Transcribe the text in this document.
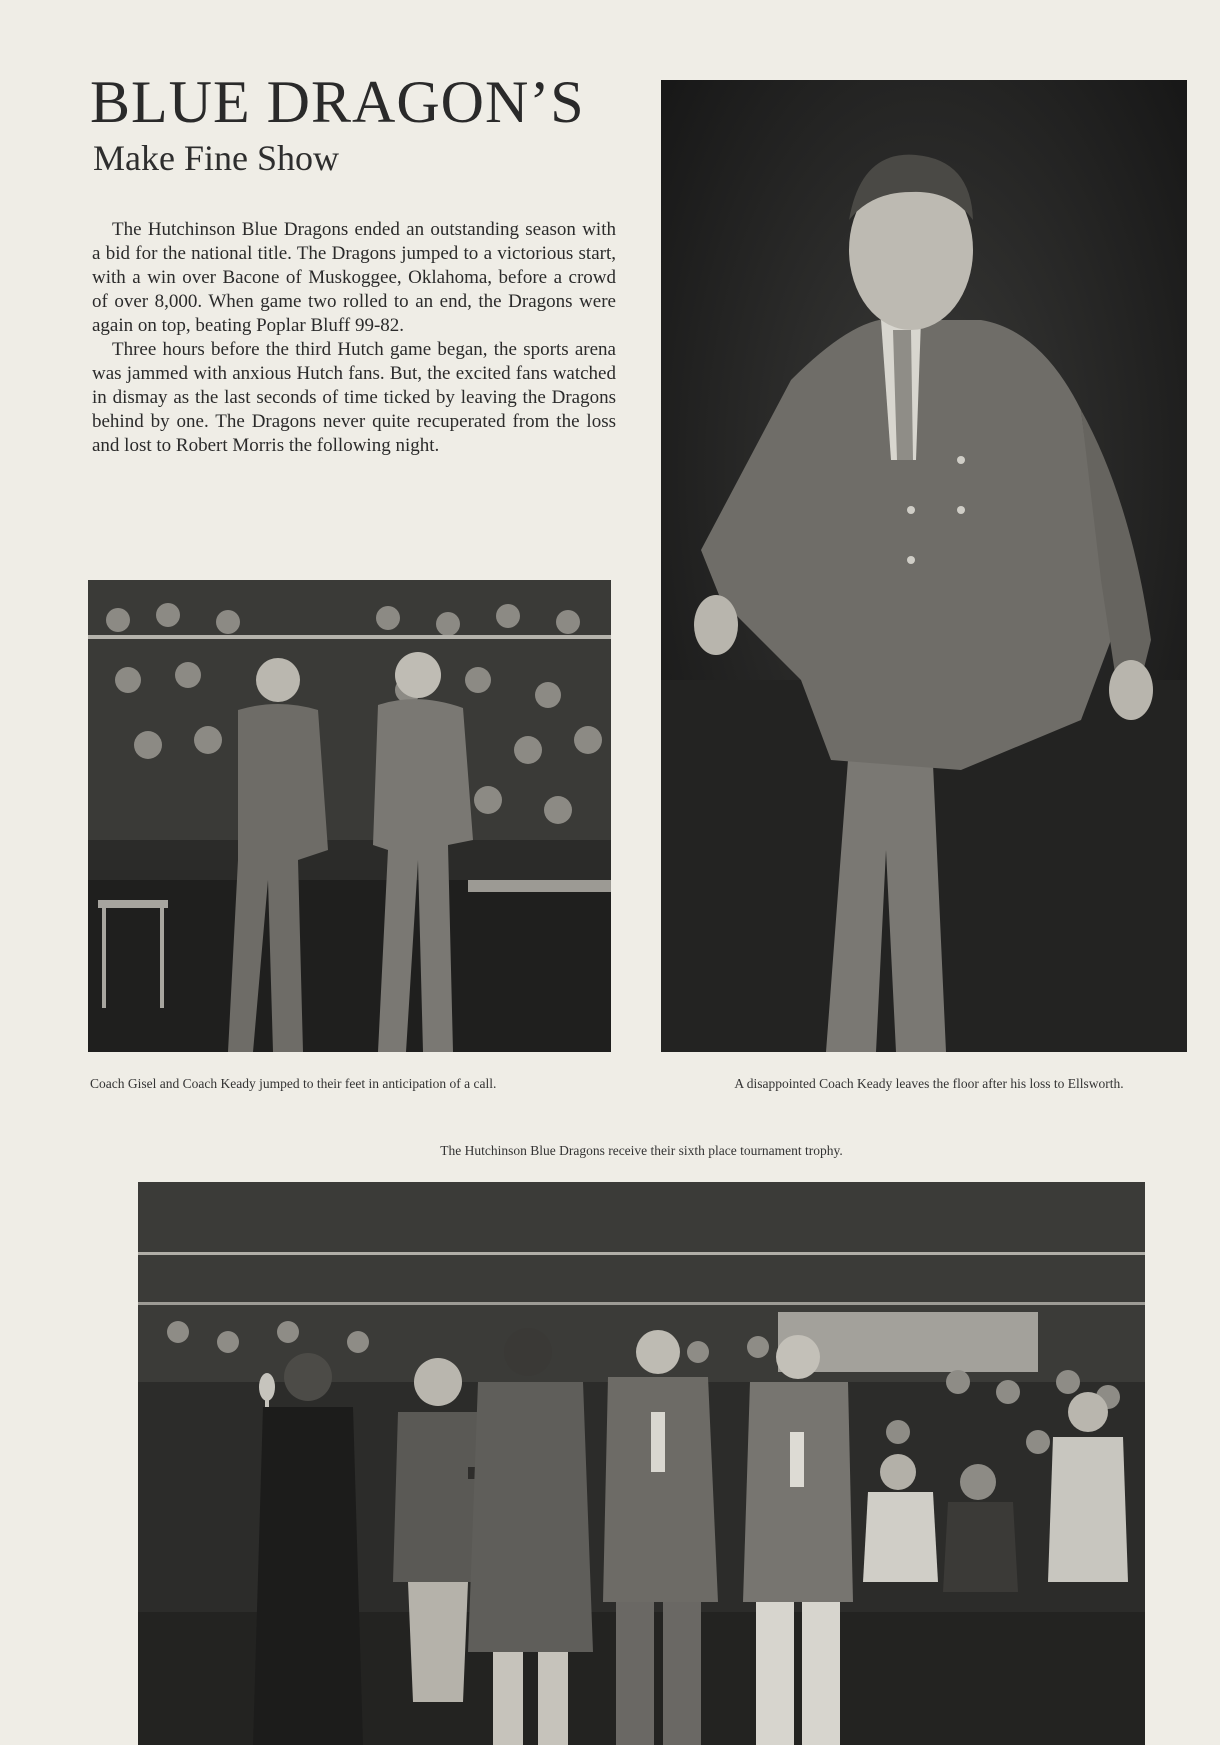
BLUE DRAGON’S
Make Fine Show

The Hutchinson Blue Dragons ended an outstanding season with a bid for the national title. The Dragons jumped to a victorious start, with a win over Bacone of Muskoggee, Oklahoma, before a crowd of over 8,000. When game two rolled to an end, the Dragons were again on top, beating Poplar Bluff 99-82.

Three hours before the third Hutch game began, the sports arena was jammed with anxious Hutch fans. But, the excited fans watched in dismay as the last seconds of time ticked by leaving the Dragons behind by one. The Dragons never quite recuperated from the loss and lost to Robert Morris the following night.

Coach Gisel and Coach Keady jumped to their feet in anticipation of a call.	A disappointed Coach Keady leaves the floor after his loss to Ellsworth.
The Hutchinson Blue Dragons receive their sixth place tournament trophy.
